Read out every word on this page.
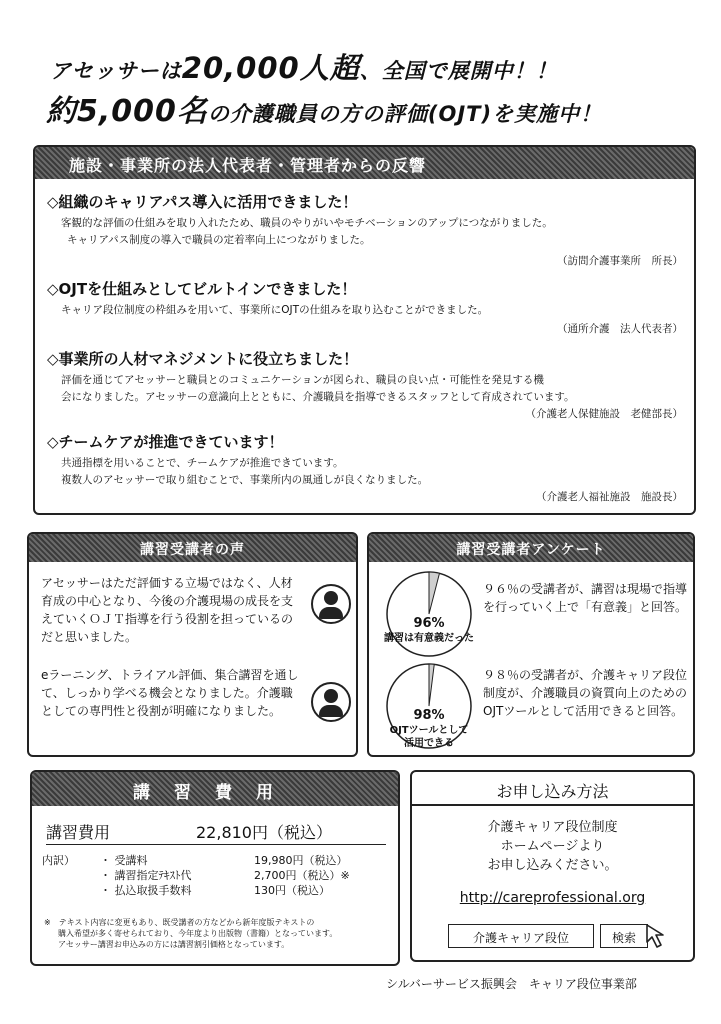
アセッサーは20,000人超、全国で展開中！！
約5,000名の介護職員の方の評価(OJT)を実施中！
施設・事業所の法人代表者・管理者からの反響
◇組織のキャリアパス導入に活用できました！
客観的な評価の仕組みを取り入れたため、職員のやりがいやモチベーションのアップにつながりました。
キャリアパス制度の導入で職員の定着率向上につながりました。
（訪問介護事業所　所長）
◇OJTを仕組みとしてビルトインできました！
キャリア段位制度の枠組みを用いて、事業所にOJTの仕組みを取り込むことができました。
（通所介護　法人代表者）
◇事業所の人材マネジメントに役立ちました！
評価を通じてアセッサーと職員とのコミュニケーションが図られ、職員の良い点・可能性を発見する機
会になりました。アセッサーの意識向上とともに、介護職員を指導できるスタッフとして育成されています。
（介護老人保健施設　老健部長）
◇チームケアが推進できています！
共通指標を用いることで、チームケアが推進できています。
複数人のアセッサーで取り組むことで、事業所内の風通しが良くなりました。
（介護老人福祉施設　施設長）
講習受講者の声
アセッサーはただ評価する立場ではなく、人材育成の中心となり、今後の介護現場の成長を支えていくＯＪＴ指導を行う役割を担っているのだと思いました。
eラーニング、トライアル評価、集合講習を通して、しっかり学べる機会となりました。介護職としての専門性と役割が明確になりました。
講習受講者アンケート
96%
講習は有意義だった
９６％の受講者が、講習は現場で指導を行っていく上で「有意義」と回答。
98%
OJTツールとして
活用できる
９８％の受講者が、介護キャリア段位制度が、介護職員の資質向上のためのOJTツールとして活用できると回答。
講習費用
講習費用	22,810円（税込）
内訳） ・ 受講料	19,980円（税込）
・ 講習指定ﾃｷｽﾄ代	2,700円（税込）※
・ 払込取扱手数料	130円（税込）
※　テキスト内容に変更もあり、既受講者の方などから新年度版テキストの
購入希望が多く寄せられており、今年度より出版物（書籍）となっています。
アセッサー講習お申込みの方には講習割引価格となっています。
お申し込み方法
介護キャリア段位制度
ホームページより
お申し込みください。
http://careprofessional.org
介護キャリア段位	検索
シルバーサービス振興会　キャリア段位事業部
